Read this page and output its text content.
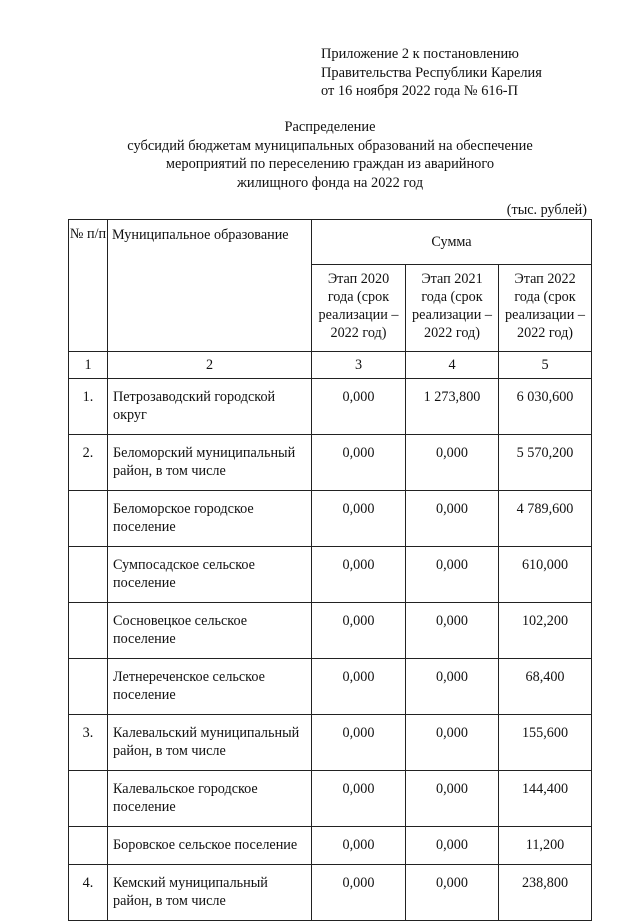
Приложение 2 к постановлению
Правительства Республики Карелия
от 16 ноября 2022 года № 616-П
Распределение
субсидий бюджетам муниципальных образований на обеспечение
мероприятий по переселению граждан из аварийного
жилищного фонда на 2022 год
(тыс. рублей)
№ п/п	Муниципальное образование	Сумма		
		Этап 2020 года (срок реализации – 2022 год)	Этап 2021 года (срок реализации – 2022 год)	Этап 2022 года (срок реализации – 2022 год)
1	2	3	4	5
1.	Петрозаводский городской округ	0,000	1 273,800	6 030,600
2.	Беломорский муниципальный район, в том числе	0,000	0,000	5 570,200
	Беломорское городское поселение	0,000	0,000	4 789,600
	Сумпосадское сельское поселение	0,000	0,000	610,000
	Сосновецкое сельское поселение	0,000	0,000	102,200
	Летнереченское сельское поселение	0,000	0,000	68,400
3.	Калевальский муниципальный район, в том числе	0,000	0,000	155,600
	Калевальское городское поселение	0,000	0,000	144,400
	Боровское сельское поселение	0,000	0,000	11,200
4.	Кемский муниципальный район, в том числе	0,000	0,000	238,800
